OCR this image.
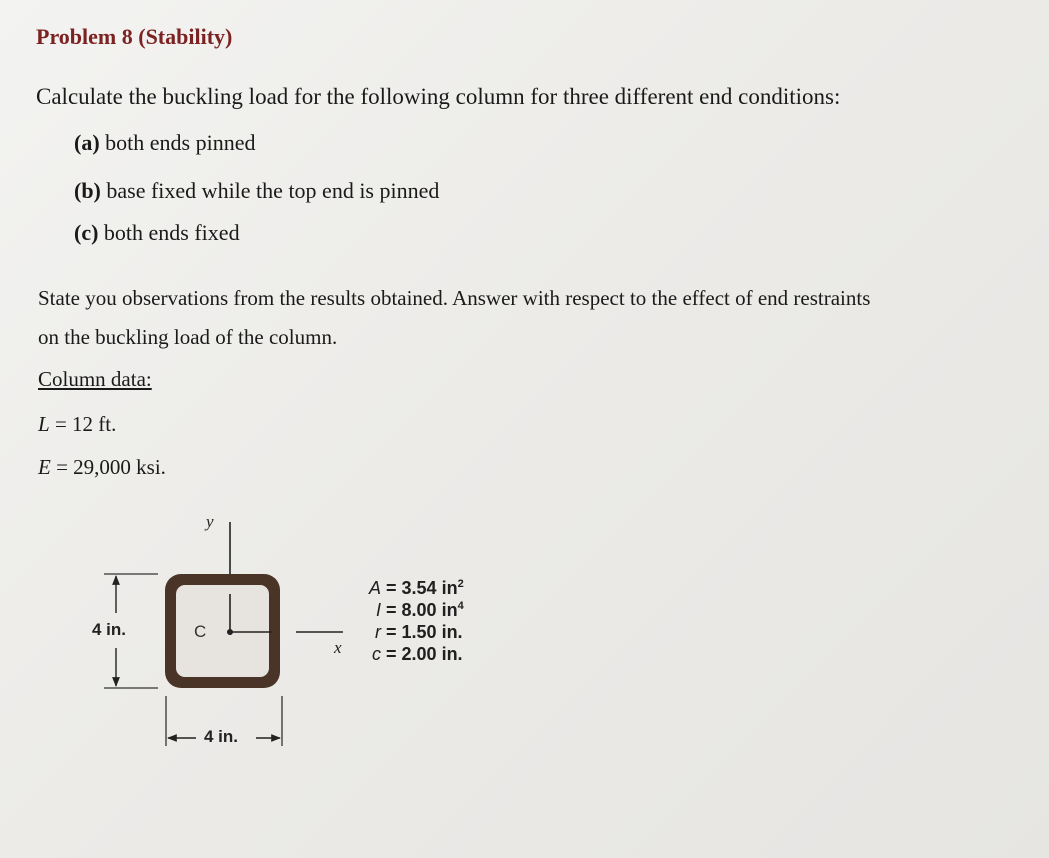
Problem 8 (Stability)
Calculate the buckling load for the following column for three different end conditions:
(a) both ends pinned
(b) base fixed while the top end is pinned
(c) both ends fixed
State you observations from the results obtained. Answer with respect to the effect of end restraints
on the buckling load of the column.
Column data:
L = 12 ft.
E = 29,000 ksi.
y
x
C
4 in.
4 in.
A = 3.54 $in^2$
I = 8.00 $in^4$
r = 1.50 in.
c = 2.00 in.
